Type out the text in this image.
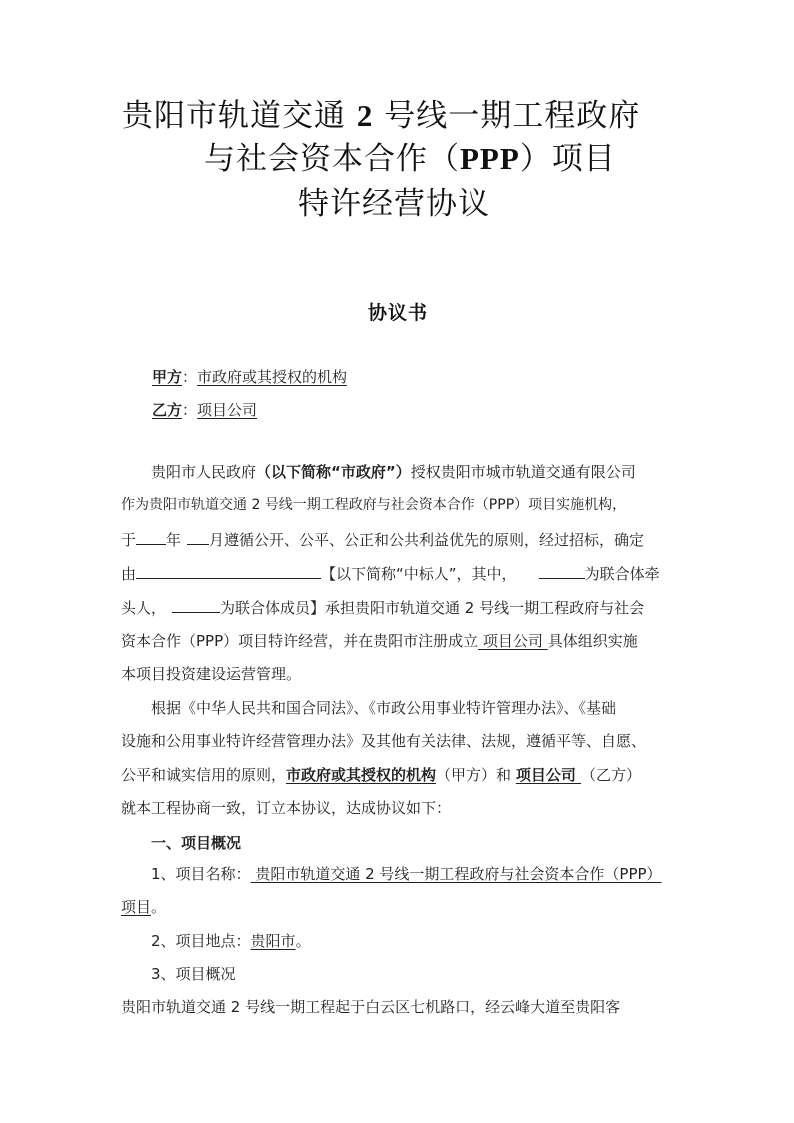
贵阳市轨道交通 2 号线一期工程政府
与社会资本合作（PPP）项目
特许经营协议
协议书
甲方：市政府或其授权的机构
乙方：项目公司
贵阳市人民政府（以下简称“市政府”）授权贵阳市城市轨道交通有限公司
作为贵阳市轨道交通 2 号线一期工程政府与社会资本合作（PPP）项目实施机构，
于 年 月遵循公开、公平、公正和公共利益优先的原则，经过招标，确定
由	【以下简称“中标人”，其中，	为联合体牵
头人，	为联合体成员】承担贵阳市轨道交通 2 号线一期工程政府与社会
资本合作（PPP）项目特许经营，并在贵阳市注册成立 项目公司 具体组织实施
本项目投资建设运营管理。
根据《中华人民共和国合同法》、《市政公用事业特许管理办法》、《基础
设施和公用事业特许经营管理办法》及其他有关法律、法规，遵循平等、自愿、
公平和诚实信用的原则，市政府或其授权的机构（甲方）和 项目公司 （乙方）
就本工程协商一致，订立本协议，达成协议如下：
一、项目概况
1、项目名称： 贵阳市轨道交通 2 号线一期工程政府与社会资本合作（PPP）
项目。
2、项目地点：贵阳市。
3、项目概况
贵阳市轨道交通 2 号线一期工程起于白云区七机路口，经云峰大道至贵阳客
